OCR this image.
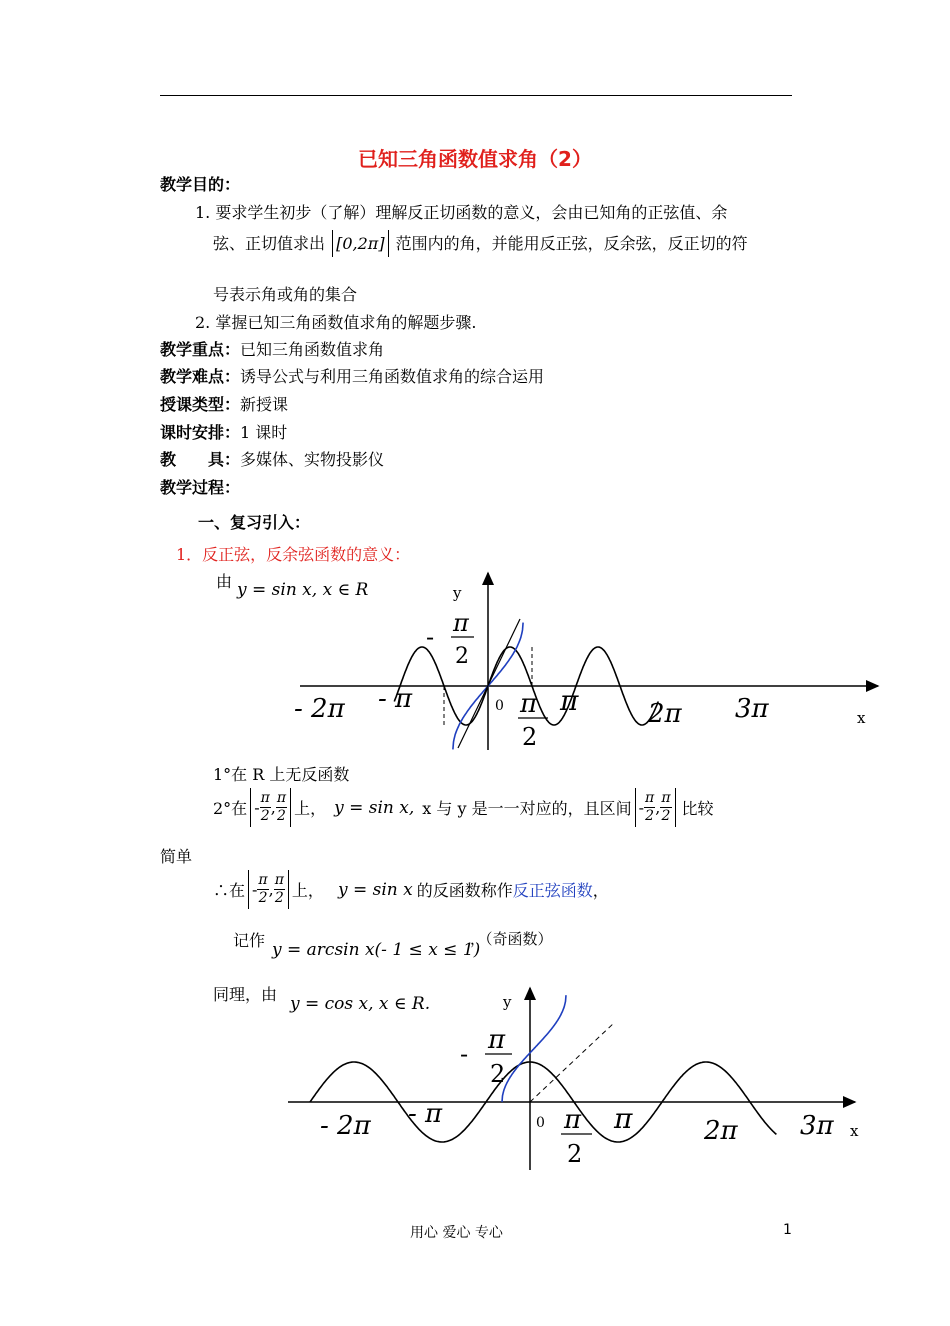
已知三角函数值求角（2）
教学目的：
1. 要求学生初步（了解）理解反正切函数的意义，会由已知角的正弦值、余
弦、正切值求出 [0,2π] 范围内的角，并能用反正弦，反余弦，反正切的符
号表示角或角的集合
2. 掌握已知三角函数值求角的解题步骤.
教学重点：已知三角函数值求角
教学难点：诱导公式与利用三角函数值求角的综合运用
授课类型：新授课
课时安排：1 课时
教　　具：多媒体、实物投影仪
教学过程：
一、复习引入：
1．反正弦，反余弦函数的意义：
由 y = sin x, x ∈ R	y
x
0
- π
2
- 2π - π	π
2
π	2π 3π
1°在 R 上无反函数
2°在 - $\frac{\pi}{2}$ , $\frac{\pi}{2}$ 上， y = sin x, x 与 y 是一一对应的，且区间 - $\frac{\pi}{2}$ , $\frac{\pi}{2}$ 比较
简单
∴在 - $\frac{\pi}{2}$ , $\frac{\pi}{2}$ 上， y = sin x 的反函数称作 反正弦函数 ，
记作 y = arcsin x(- 1 ≤ x ≤ 1)
，（奇函数）
同理，由 y = cos x, x ∈ R.	y
x
0
- π
2
- 2π - π	π
2
π	2π 3π
用心 爱心 专心	1
